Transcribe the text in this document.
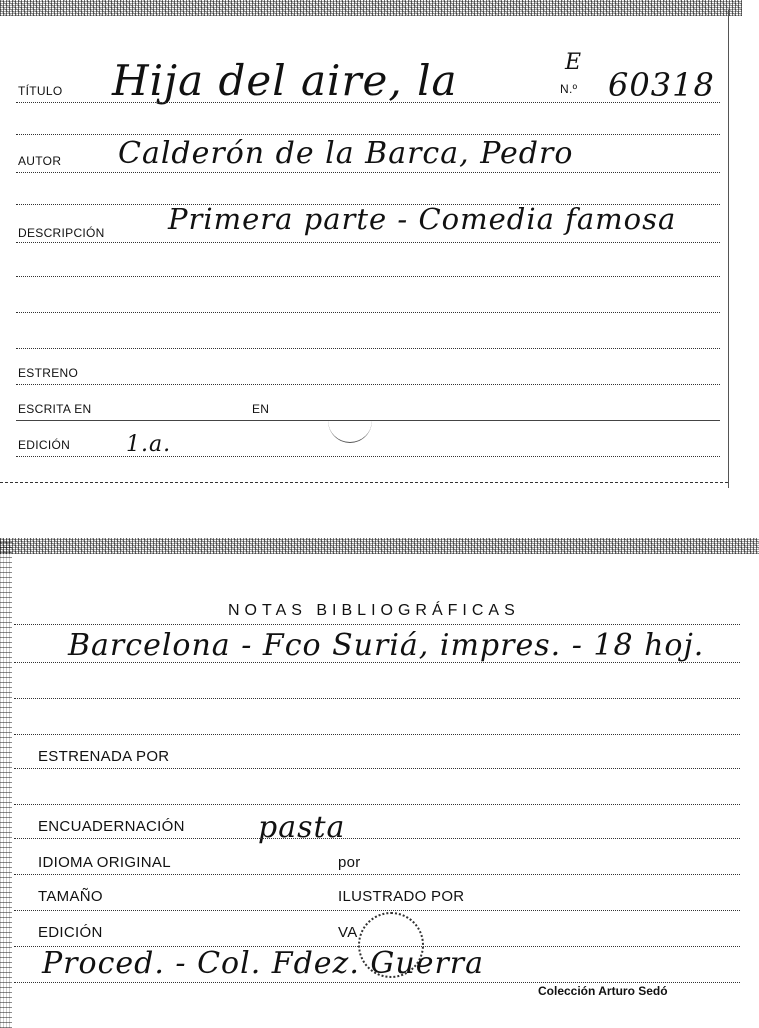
TÍTULO Hija del aire, la	E
N.º 60318
AUTOR Calderón de la Barca, Pedro
DESCRIPCIÓN Primera parte - Comedia famosa
ESTRENO
ESCRITA EN	EN
EDICIÓN	1.a.
NOTAS BIBLIOGRÁFICAS
Barcelona - Fco Suriá, impres. - 18 hoj.
ESTRENADA POR
ENCUADERNACIÓN pasta
IDIOMA ORIGINAL	por
TAMAÑO	ILUSTRADO POR
EDICIÓN	VA
Proced. - Col. Fdez. Guerra
Colección Arturo Sedó
